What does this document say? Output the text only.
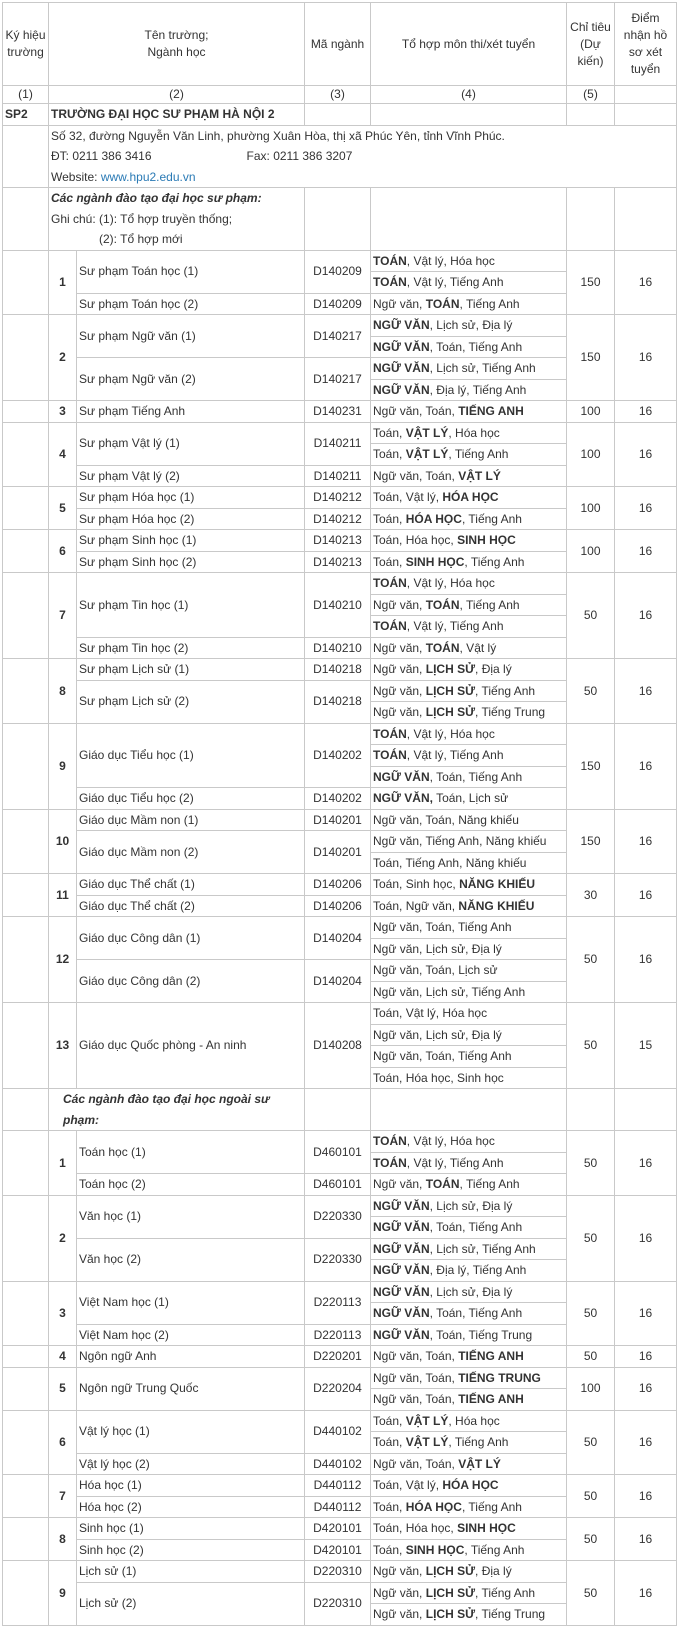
Ký hiệu trường	Tên trường;
Ngành học		Mã ngành	Tổ hợp môn thi/xét tuyển	Chỉ tiêu (Dự kiến)	Điểm nhận hồ sơ xét tuyển
(1)	(2)		(3)	(4)	(5)	
SP2	TRƯỜNG ĐẠI HỌC SƯ PHẠM HÀ NỘI 2					

	Số 32, đường Nguyễn Văn Linh, phường Xuân Hòa, thị xã Phúc Yên, tỉnh Vĩnh Phúc.
ĐT: 0211 386 3416 Fax: 0211 386 3207
Website: www.hpu2.edu.vn					

	Các ngành đào tạo đại học sư phạm:
Ghi chú: (1): Tổ hợp truyền thống;
(2): Tổ hợp mới					
	1	Sư phạm Toán học (1)	D140209	TOÁN, Vật lý, Hóa học	150	16
				TOÁN, Vật lý, Tiếng Anh		
		Sư phạm Toán học (2)	D140209	Ngữ văn, TOÁN, Tiếng Anh		
	2	Sư phạm Ngữ văn (1)	D140217	NGỮ VĂN, Lịch sử, Địa lý	150	16
				NGỮ VĂN, Toán, Tiếng Anh		
		Sư phạm Ngữ văn (2)	D140217	NGỮ VĂN, Lịch sử, Tiếng Anh		
				NGỮ VĂN, Địa lý, Tiếng Anh		
	3	Sư phạm Tiếng Anh	D140231	Ngữ văn, Toán, TIẾNG ANH	100	16
	4	Sư phạm Vật lý (1)	D140211	Toán, VẬT LÝ, Hóa học	100	16
				Toán, VẬT LÝ, Tiếng Anh		
		Sư phạm Vật lý (2)	D140211	Ngữ văn, Toán, VẬT LÝ		
	5	Sư phạm Hóa học (1)	D140212	Toán, Vật lý, HÓA HỌC	100	16
		Sư phạm Hóa học (2)	D140212	Toán, HÓA HỌC, Tiếng Anh		
	6	Sư phạm Sinh học (1)	D140213	Toán, Hóa học, SINH HỌC	100	16
		Sư phạm Sinh học (2)	D140213	Toán, SINH HỌC, Tiếng Anh		
	7	Sư phạm Tin học (1)	D140210	TOÁN, Vật lý, Hóa học	50	16
				Ngữ văn, TOÁN, Tiếng Anh		
				TOÁN, Vật lý, Tiếng Anh		
		Sư phạm Tin học (2)	D140210	Ngữ văn, TOÁN, Vật lý		
	8	Sư phạm Lịch sử (1)	D140218	Ngữ văn, LỊCH SỬ, Địa lý	50	16
		Sư phạm Lịch sử (2)	D140218	Ngữ văn, LỊCH SỬ, Tiếng Anh		
				Ngữ văn, LỊCH SỬ, Tiếng Trung		
	9	Giáo dục Tiểu học (1)	D140202	TOÁN, Vật lý, Hóa học	150	16
				TOÁN, Vật lý, Tiếng Anh		
				NGỮ VĂN, Toán, Tiếng Anh		
		Giáo dục Tiểu học (2)	D140202	NGỮ VĂN, Toán, Lịch sử		
	10	Giáo dục Mầm non (1)	D140201	Ngữ văn, Toán, Năng khiếu	150	16
		Giáo dục Mầm non (2)	D140201	Ngữ văn, Tiếng Anh, Năng khiếu		
				Toán, Tiếng Anh, Năng khiếu		
	11	Giáo dục Thể chất (1)	D140206	Toán, Sinh học, NĂNG KHIẾU	30	16
		Giáo dục Thể chất (2)	D140206	Toán, Ngữ văn, NĂNG KHIẾU		
	12	Giáo dục Công dân (1)	D140204	Ngữ văn, Toán, Tiếng Anh	50	16
				Ngữ văn, Lịch sử, Địa lý		
		Giáo dục Công dân (2)	D140204	Ngữ văn, Toán, Lịch sử		
				Ngữ văn, Lịch sử, Tiếng Anh		
	13	Giáo dục Quốc phòng - An ninh	D140208	Toán, Vật lý, Hóa học	50	15
				Ngữ văn, Lịch sử, Địa lý		
				Ngữ văn, Toán, Tiếng Anh		
				Toán, Hóa học, Sinh học		
	Các ngành đào tạo đại học ngoài sư phạm:					
	1	Toán học (1)	D460101	TOÁN, Vật lý, Hóa học	50	16
				TOÁN, Vật lý, Tiếng Anh		
		Toán học (2)	D460101	Ngữ văn, TOÁN, Tiếng Anh		
	2	Văn học (1)	D220330	NGỮ VĂN, Lịch sử, Địa lý	50	16
				NGỮ VĂN, Toán, Tiếng Anh		
		Văn học (2)	D220330	NGỮ VĂN, Lịch sử, Tiếng Anh		
				NGỮ VĂN, Địa lý, Tiếng Anh		
	3	Việt Nam học (1)	D220113	NGỮ VĂN, Lịch sử, Địa lý	50	16
				NGỮ VĂN, Toán, Tiếng Anh		
		Việt Nam học (2)	D220113	NGỮ VĂN, Toán, Tiếng Trung		
	4	Ngôn ngữ Anh	D220201	Ngữ văn, Toán, TIẾNG ANH	50	16
	5	Ngôn ngữ Trung Quốc	D220204	Ngữ văn, Toán, TIẾNG TRUNG	100	16
				Ngữ văn, Toán, TIẾNG ANH		
	6	Vật lý học (1)	D440102	Toán, VẬT LÝ, Hóa học	50	16
				Toán, VẬT LÝ, Tiếng Anh		
		Vật lý học (2)	D440102	Ngữ văn, Toán, VẬT LÝ		
	7	Hóa học (1)	D440112	Toán, Vật lý, HÓA HỌC	50	16
		Hóa học (2)	D440112	Toán, HÓA HỌC, Tiếng Anh		
	8	Sinh học (1)	D420101	Toán, Hóa học, SINH HỌC	50	16
		Sinh học (2)	D420101	Toán, SINH HỌC, Tiếng Anh		
	9	Lịch sử (1)	D220310	Ngữ văn, LỊCH SỬ, Địa lý	50	16
		Lịch sử (2)	D220310	Ngữ văn, LỊCH SỬ, Tiếng Anh		
				Ngữ văn, LỊCH SỬ, Tiếng Trung		
